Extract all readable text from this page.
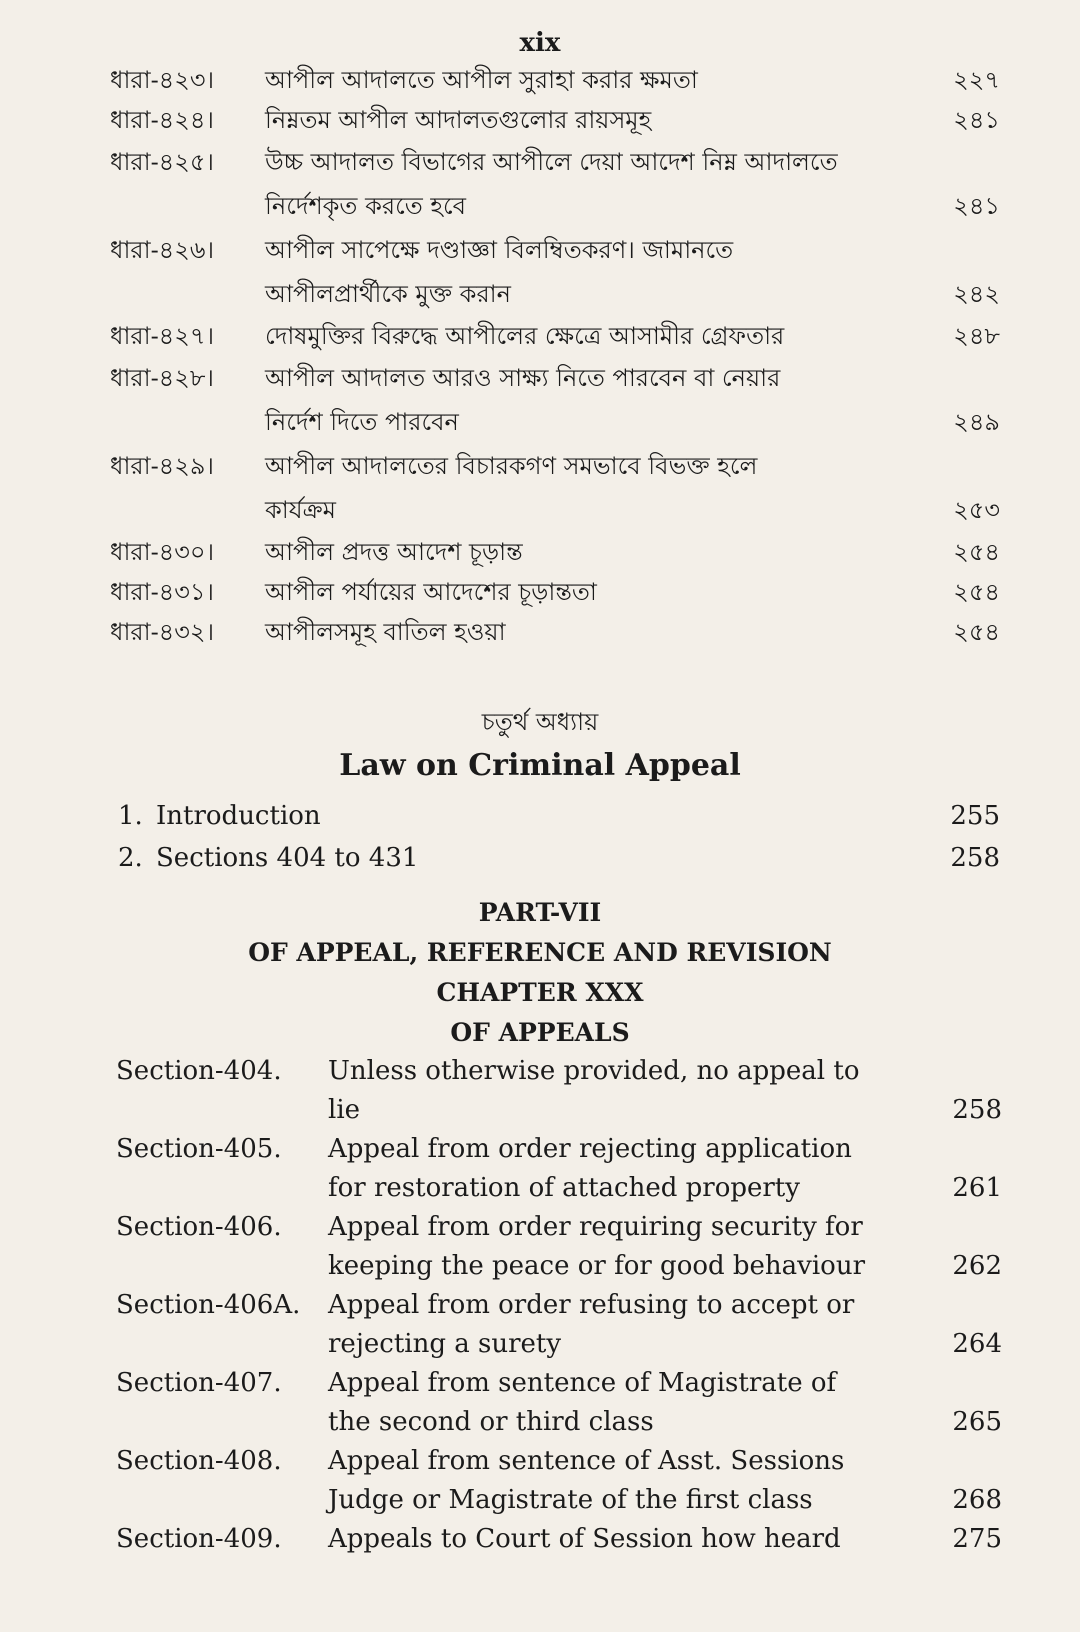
xix
ধারা-৪২৩।	আপীল আদালতে আপীল সুরাহা করার ক্ষমতা	২২৭
ধারা-৪২৪।	নিম্নতম আপীল আদালতগুলোর রায়সমূহ	২৪১
ধারা-৪২৫।	উচ্চ আদালত বিভাগের আপীলে দেয়া আদেশ নিম্ন আদালতে
নির্দেশকৃত করতে হবে	২৪১
ধারা-৪২৬।	আপীল সাপেক্ষে দণ্ডাজ্ঞা বিলম্বিতকরণ। জামানতে
আপীলপ্রার্থীকে মুক্ত করান	২৪২
ধারা-৪২৭।	দোষমুক্তির বিরুদ্ধে আপীলের ক্ষেত্রে আসামীর গ্রেফতার	২৪৮
ধারা-৪২৮।	আপীল আদালত আরও সাক্ষ্য নিতে পারবেন বা নেয়ার
নির্দেশ দিতে পারবেন	২৪৯
ধারা-৪২৯।	আপীল আদালতের বিচারকগণ সমভাবে বিভক্ত হলে
কার্যক্রম	২৫৩
ধারা-৪৩০।	আপীল প্রদত্ত আদেশ চূড়ান্ত	২৫৪
ধারা-৪৩১।	আপীল পর্যায়ের আদেশের চূড়ান্ততা	২৫৪
ধারা-৪৩২।	আপীলসমূহ বাতিল হওয়া	২৫৪
চতুর্থ অধ্যায়
Law on Criminal Appeal
1. Introduction	255
2. Sections 404 to 431	258
PART-VII
OF APPEAL, REFERENCE AND REVISION
CHAPTER XXX
OF APPEALS
Section-404.	Unless otherwise provided, no appeal to
lie	258
Section-405.	Appeal from order rejecting application
for restoration of attached property	261
Section-406.	Appeal from order requiring security for
keeping the peace or for good behaviour	262
Section-406A.	Appeal from order refusing to accept or
rejecting a surety	264
Section-407.	Appeal from sentence of Magistrate of
the second or third class	265
Section-408.	Appeal from sentence of Asst. Sessions
Judge or Magistrate of the first class	268
Section-409.	Appeals to Court of Session how heard	275
